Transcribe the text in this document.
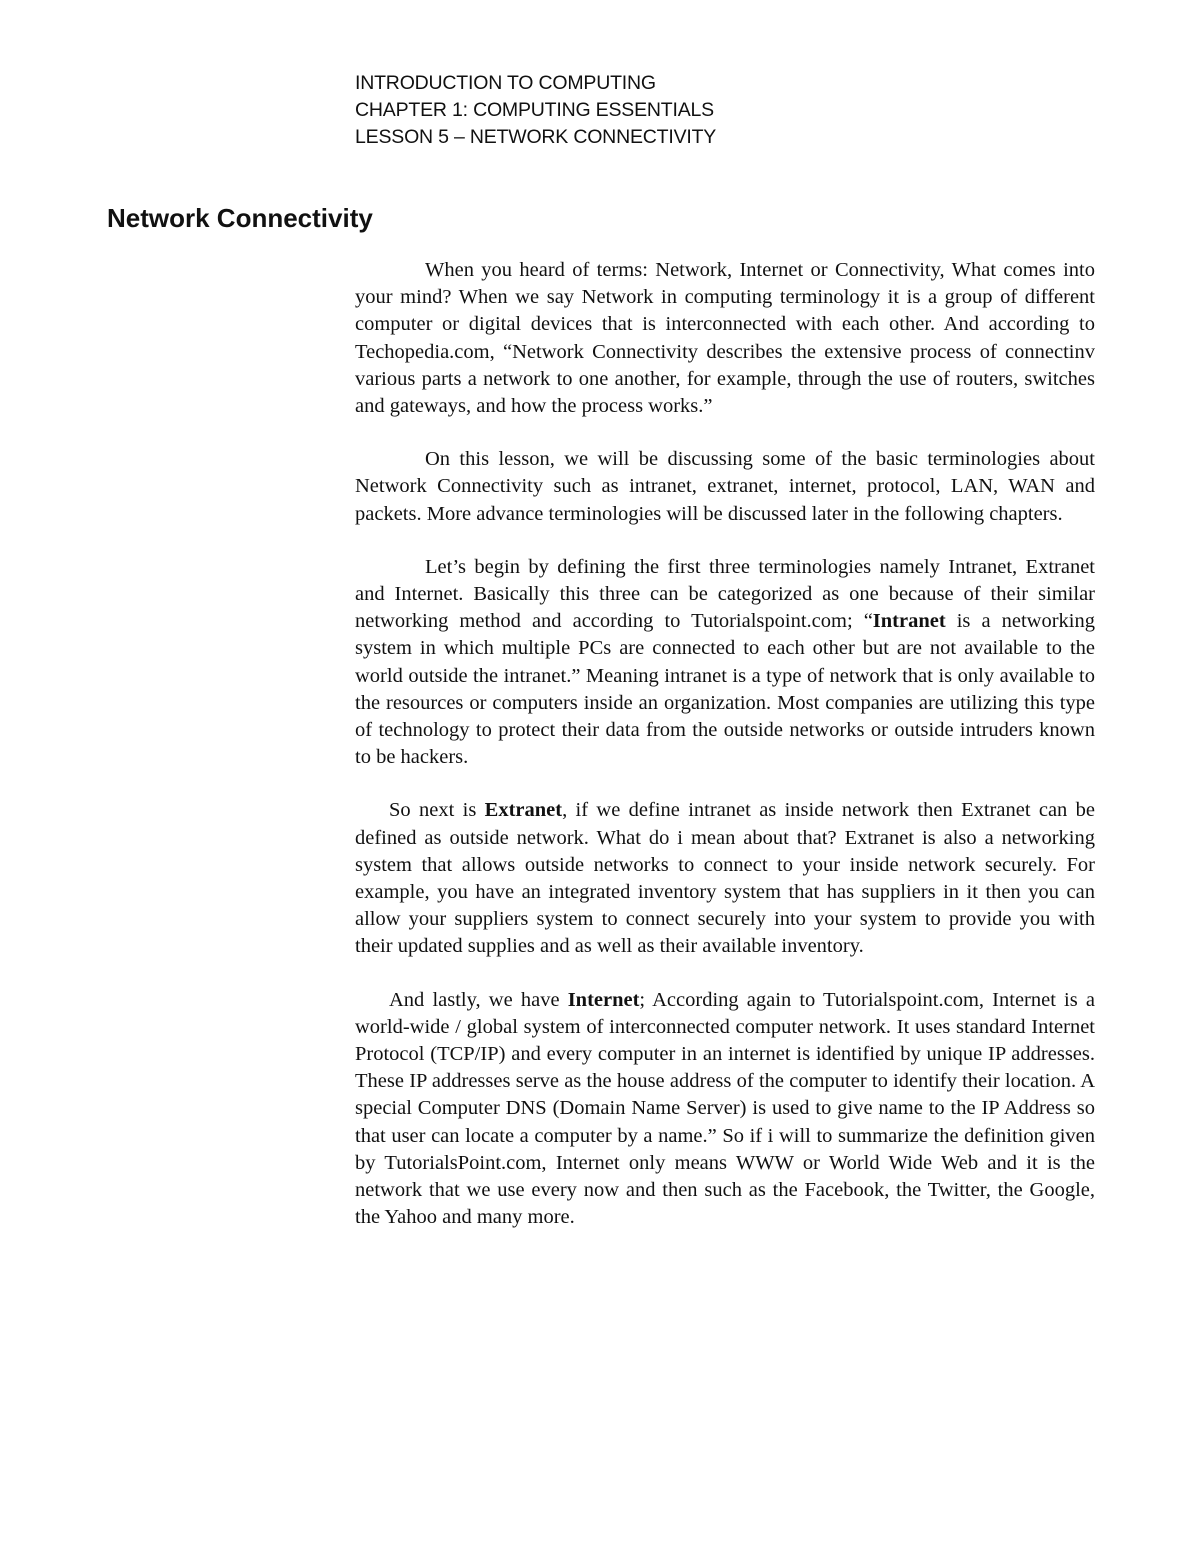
INTRODUCTION TO COMPUTING
CHAPTER 1: COMPUTING ESSENTIALS
LESSON 5 – NETWORK CONNECTIVITY
Network Connectivity

When you heard of terms: Network, Internet or Connectivity, What comes into your mind? When we say Network in computing terminology it is a group of different computer or digital devices that is interconnected with each other. And according to Techopedia.com, “Network Connectivity describes the extensive process of connectinv various parts a network to one another, for example, through the use of routers, switches and gateways, and how the process works.”

On this lesson, we will be discussing some of the basic terminologies about Network Connectivity such as intranet, extranet, internet, protocol, LAN, WAN and packets. More advance terminologies will be discussed later in the following chapters.

Let’s begin by defining the first three terminologies namely Intranet, Extranet and Internet. Basically this three can be categorized as one because of their similar networking method and according to Tutorialspoint.com; “Intranet is a networking system in which multiple PCs are connected to each other but are not available to the world outside the intranet.” Meaning intranet is a type of network that is only available to the resources or computers inside an organization. Most companies are utilizing this type of technology to protect their data from the outside networks or outside intruders known to be hackers.

So next is Extranet, if we define intranet as inside network then Extranet can be defined as outside network. What do i mean about that? Extranet is also a networking system that allows outside networks to connect to your inside network securely. For example, you have an integrated inventory system that has suppliers in it then you can allow your suppliers system to connect securely into your system to provide you with their updated supplies and as well as their available inventory.

And lastly, we have Internet; According again to Tutorialspoint.com, Internet is a world-wide / global system of interconnected computer network. It uses standard Internet Protocol (TCP/IP) and every computer in an internet is identified by unique IP addresses. These IP addresses serve as the house address of the computer to identify their location. A special Computer DNS (Domain Name Server) is used to give name to the IP Address so that user can locate a computer by a name.” So if i will to summarize the definition given by TutorialsPoint.com, Internet only means WWW or World Wide Web and it is the network that we use every now and then such as the Facebook, the Twitter, the Google, the Yahoo and many more.
